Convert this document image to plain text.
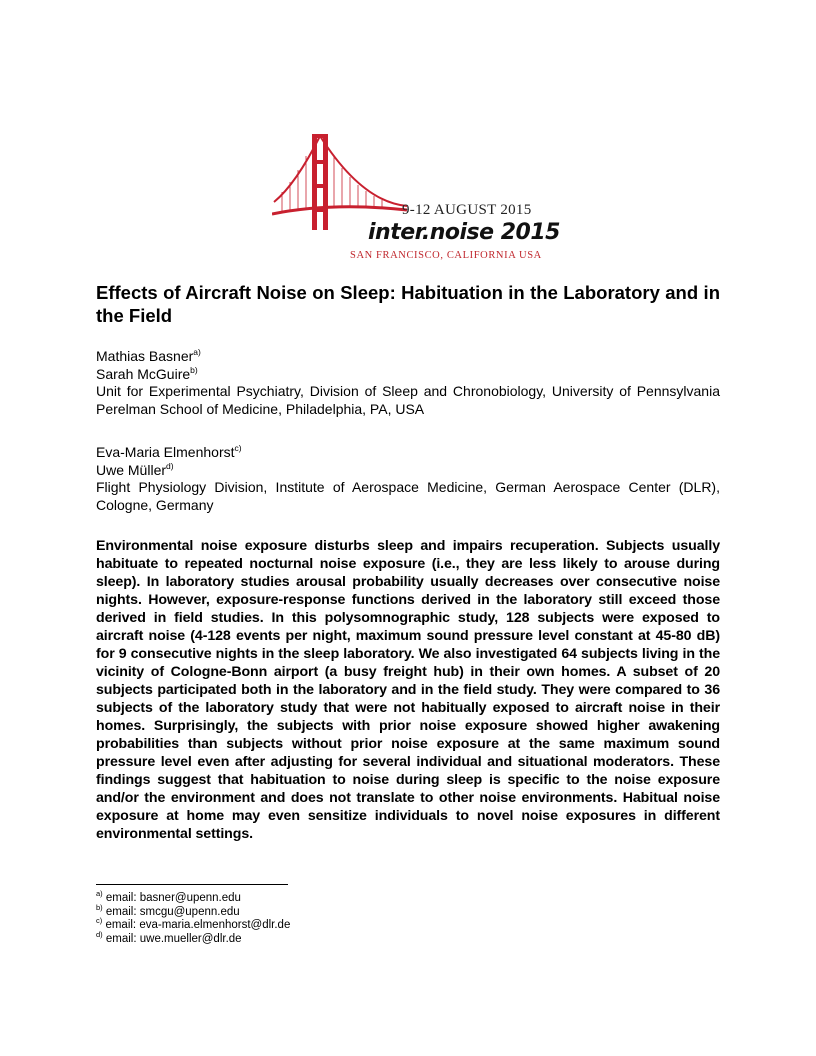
9-12 AUGUST 2015
inter.noise 2015
SAN FRANCISCO, CALIFORNIA USA
Effects of Aircraft Noise on Sleep: Habituation in the Laboratory and in the Field
Mathias Basner$^{a)}$
Sarah McGuire$^{b)}$
Unit for Experimental Psychiatry, Division of Sleep and Chronobiology, University of Pennsylvania Perelman School of Medicine, Philadelphia, PA, USA
Eva-Maria Elmenhorst$^{c)}$
Uwe Müller$^{d)}$
Flight Physiology Division, Institute of Aerospace Medicine, German Aerospace Center (DLR), Cologne, Germany

Environmental noise exposure disturbs sleep and impairs recuperation. Subjects usually habituate to repeated nocturnal noise exposure (i.e., they are less likely to arouse during sleep). In laboratory studies arousal probability usually decreases over consecutive noise nights. However, exposure-response functions derived in the laboratory still exceed those derived in field studies. In this polysomnographic study, 128 subjects were exposed to aircraft noise (4-128 events per night, maximum sound pressure level constant at 45-80 dB) for 9 consecutive nights in the sleep laboratory. We also investigated 64 subjects living in the vicinity of Cologne-Bonn airport (a busy freight hub) in their own homes. A subset of 20 subjects participated both in the laboratory and in the field study. They were compared to 36 subjects of the laboratory study that were not habitually exposed to aircraft noise in their homes. Surprisingly, the subjects with prior noise exposure showed higher awakening probabilities than subjects without prior noise exposure at the same maximum sound pressure level even after adjusting for several individual and situational moderators. These findings suggest that habituation to noise during sleep is specific to the noise exposure and/or the environment and does not translate to other noise environments. Habitual noise exposure at home may even sensitize individuals to novel noise exposures in different environmental settings.

$^{a)}$ email: basner@upenn.edu
$^{b)}$ email: smcgu@upenn.edu
$^{c)}$ email: eva-maria.elmenhorst@dlr.de
$^{d)}$ email: uwe.mueller@dlr.de
